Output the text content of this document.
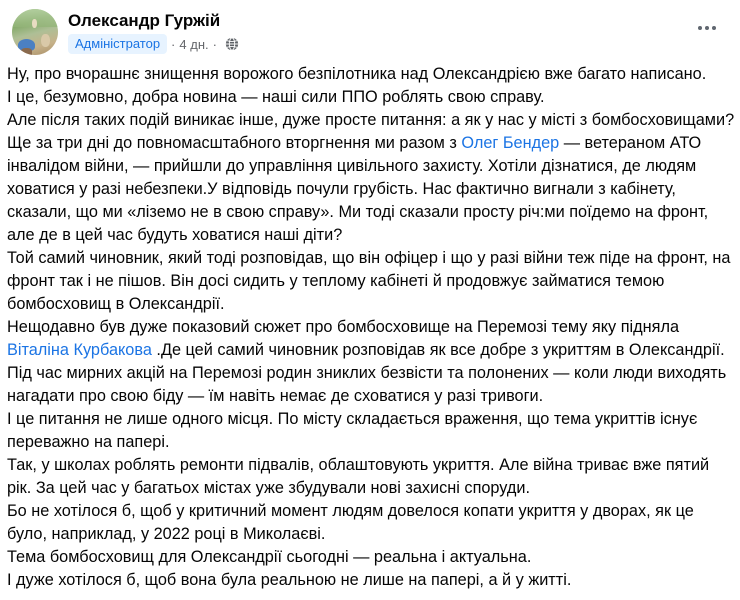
Олександр Гуржій
Адміністратор · 4 дн. ·
Ну, про вчорашнє знищення ворожого безпілотника над Олександрією вже багато написано.
І це, безумовно, добра новина — наші сили ППО роблять свою справу.
Але після таких подій виникає інше, дуже просте питання: а як у нас у місті з бомбосховищами?
Ще за три дні до повномасштабного вторгнення ми разом з Олег Бендер — ветераном АТО інвалідом війни, — прийшли до управління цивільного захисту. Хотіли дізнатися, де людям ховатися у разі небезпеки.У відповідь почули грубість. Нас фактично вигнали з кабінету, сказали, що ми «ліземо не в свою справу». Ми тоді сказали просту річ:ми поїдемо на фронт, але де в цей час будуть ховатися наші діти?
Той самий чиновник, який тоді розповідав, що він офіцер і що у разі війни теж піде на фронт, на фронт так і не пішов. Він досі сидить у теплому кабінеті й продовжує займатися темою бомбосховищ в Олександрії.
Нещодавно був дуже показовий сюжет про бомбосховище на Перемозі тему яку підняла Віталіна Курбакова .Де цей самий чиновник розповідав як все добре з укриттям в Олександрії. Під час мирних акцій на Перемозі родин зниклих безвісти та полонених — коли люди виходять нагадати про свою біду — їм навіть немає де сховатися у разі тривоги.
І це питання не лише одного місця. По місту складається враження, що тема укриттів існує переважно на папері.
Так, у школах роблять ремонти підвалів, облаштовують укриття. Але війна триває вже пятий рік. За цей час у багатьох містах уже збудували нові захисні споруди.
Бо не хотілося б, щоб у критичний момент людям довелося копати укриття у дворах, як це було, наприклад, у 2022 році в Миколаєві.
Тема бомбосховищ для Олександрії сьогодні — реальна і актуальна.
І дуже хотілося б, щоб вона була реальною не лише на папері, а й у житті.
